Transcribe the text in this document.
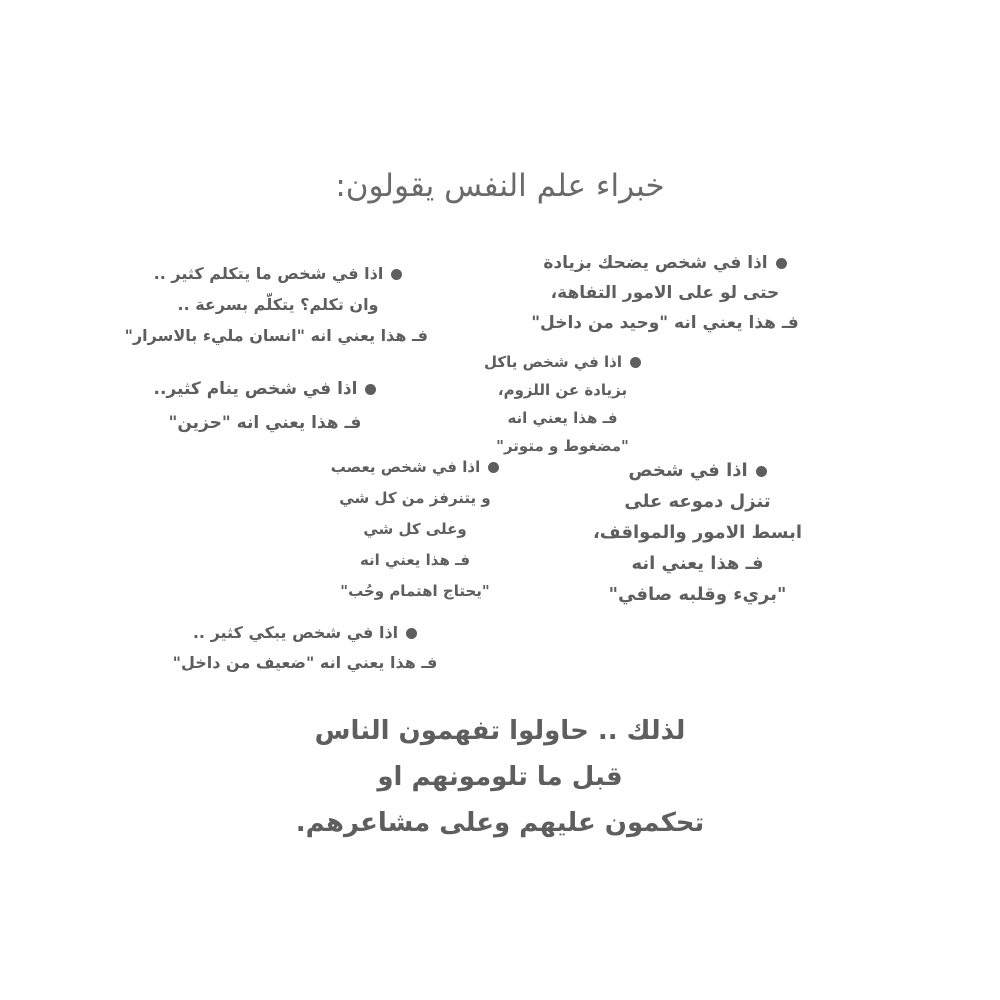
خبراء علم النفس يقولون:
اذا في شخص يضحك بزيادة
حتى لو على الامور التفاهة،
فـ هذا يعني انه "وحيد من داخل"
اذا في شخص ما يتكلم كثير ..
وان تكلم؟ يتكلّم بسرعة ..
فـ هذا يعني انه "انسان مليء بالاسرار"
اذا في شخص ياكل
بزيادة عن اللزوم،
فـ هذا يعني انه
"مضغوط و متوتر"
اذا في شخص ينام كثير..
فـ هذا يعني انه "حزين"
اذا في شخص يعصب
و يتنرفز من كل شي
وعلى كل شي
فـ هذا يعني انه
"يحتاج اهتمام وحُب"
اذا في شخص
تنزل دموعه على
ابسط الامور والمواقف،
فـ هذا يعني انه
"بريء وقلبه صافي"
اذا في شخص يبكي كثير ..
فـ هذا يعني انه "ضعيف من داخل"
لذلك .. حاولوا تفهمون الناس
قبل ما تلومونهم او
تحكمون عليهم وعلى مشاعرهم.
